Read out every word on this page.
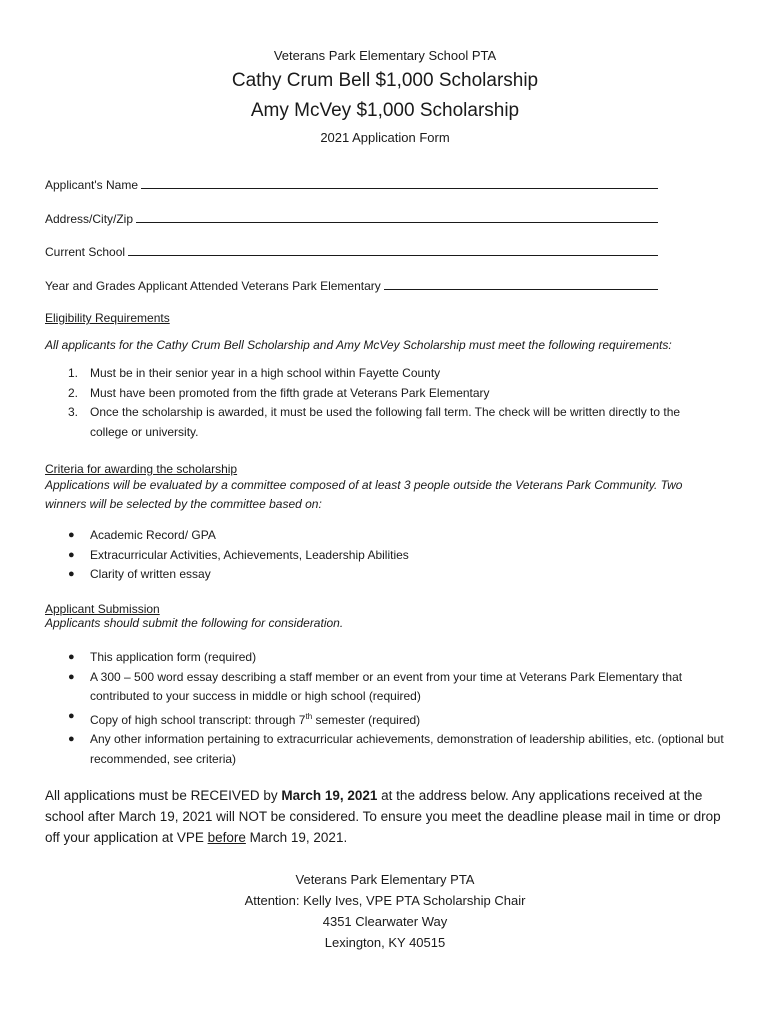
Veterans Park Elementary School PTA
Cathy Crum Bell $1,000 Scholarship
Amy McVey $1,000 Scholarship
2021 Application Form
Applicant's Name
Address/City/Zip
Current School
Year and Grades Applicant Attended Veterans Park Elementary
Eligibility Requirements
All applicants for the Cathy Crum Bell Scholarship and Amy McVey Scholarship must meet the following requirements:
1. Must be in their senior year in a high school within Fayette County
2. Must have been promoted from the fifth grade at Veterans Park Elementary
3. Once the scholarship is awarded, it must be used the following fall term. The check will be written directly to the college or university.
Criteria for awarding the scholarship
Applications will be evaluated by a committee composed of at least 3 people outside the Veterans Park Community. Two winners will be selected by the committee based on:
● Academic Record/ GPA
● Extracurricular Activities, Achievements, Leadership Abilities
● Clarity of written essay
Applicant Submission
Applicants should submit the following for consideration.
● This application form (required)
● A 300 – 500 word essay describing a staff member or an event from your time at Veterans Park Elementary that contributed to your success in middle or high school (required)
● Copy of high school transcript: through 7th semester (required)
● Any other information pertaining to extracurricular achievements, demonstration of leadership abilities, etc. (optional but recommended, see criteria)
All applications must be RECEIVED by March 19, 2021 at the address below. Any applications received at the school after March 19, 2021 will NOT be considered. To ensure you meet the deadline please mail in time or drop off your application at VPE before March 19, 2021.
Veterans Park Elementary PTA
Attention: Kelly Ives, VPE PTA Scholarship Chair
4351 Clearwater Way
Lexington, KY 40515
